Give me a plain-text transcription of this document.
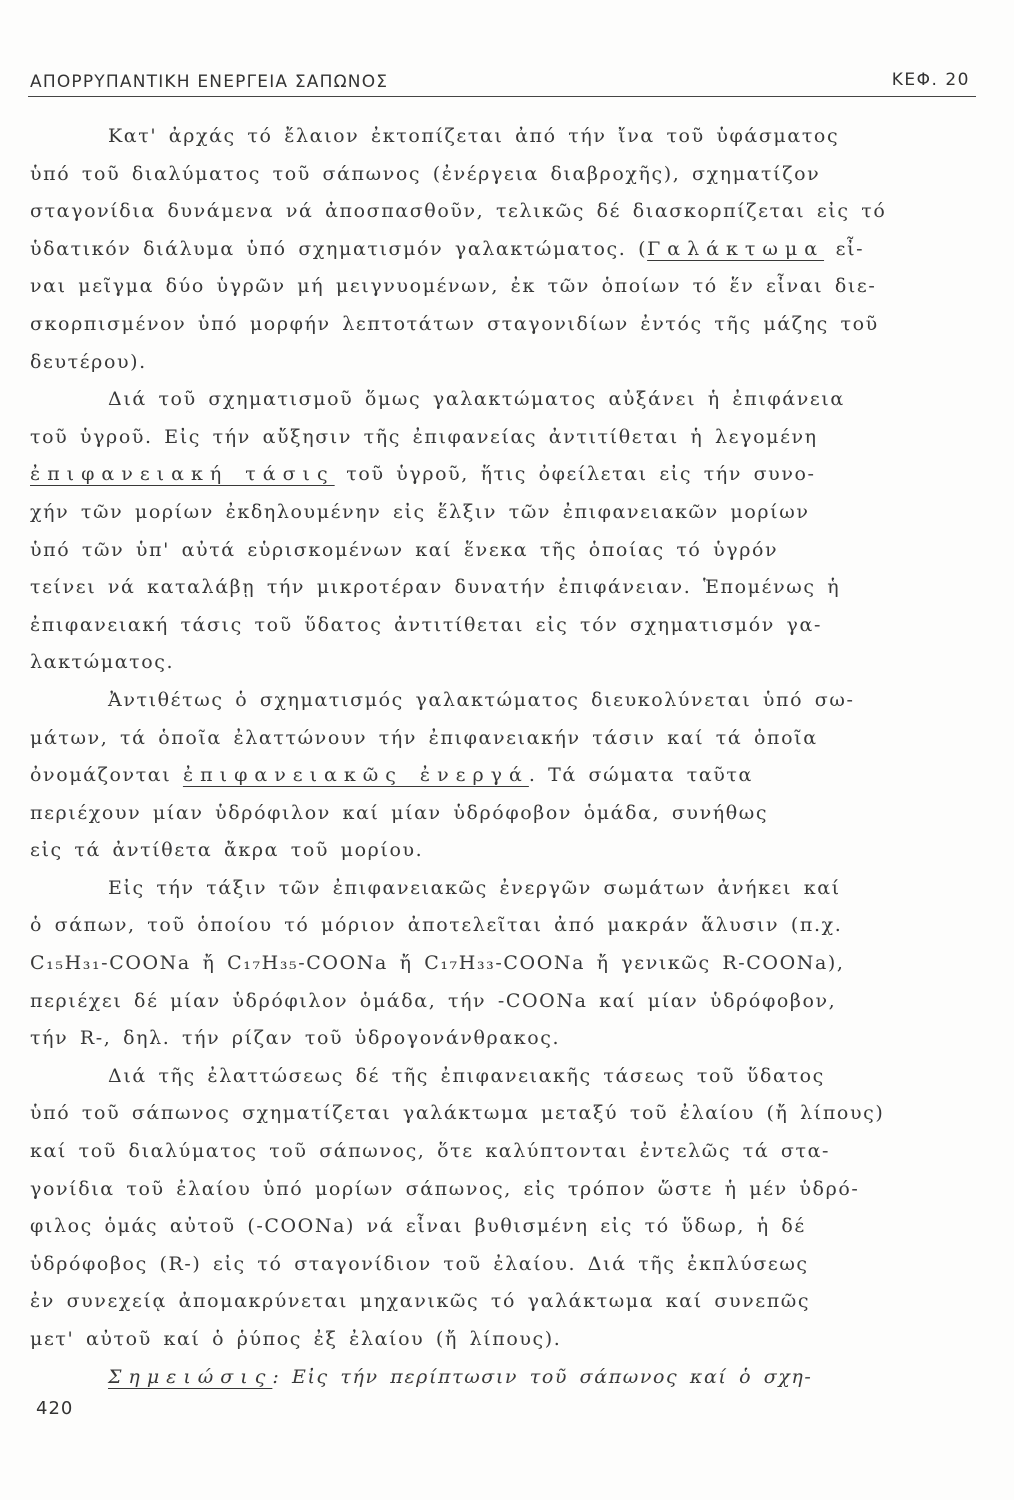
ΑΠΟΡΡΥΠΑΝΤΙΚΗ ΕΝΕΡΓΕΙΑ ΣΑΠΩΝΟΣ	ΚΕΦ. 20
Κατ' ἀρχάς τό ἔλαιον ἐκτοπίζεται ἀπό τήν ἴνα τοῦ ὑφάσματος
ὑπό τοῦ διαλύματος τοῦ σάπωνος (ἐνέργεια διαβροχῆς), σχηματίζον
σταγονίδια δυνάμενα νά ἀποσπασθοῦν, τελικῶς δέ διασκορπίζεται εἰς τό
ὑδατικόν διάλυμα ὑπό σχηματισμόν γαλακτώματος. (Γαλάκτωμα εἶ-
ναι μεῖγμα δύο ὑγρῶν μή μειγνυομένων, ἐκ τῶν ὁποίων τό ἕν εἶναι διε-
σκορπισμένον ὑπό μορφήν λεπτοτάτων σταγονιδίων ἐντός τῆς μάζης τοῦ
δευτέρου).
Διά τοῦ σχηματισμοῦ ὅμως γαλακτώματος αὐξάνει ἡ ἐπιφάνεια
τοῦ ὑγροῦ. Εἰς τήν αὔξησιν τῆς ἐπιφανείας ἀντιτίθεται ἡ λεγομένη
ἐπιφανειακή τάσις τοῦ ὑγροῦ, ἥτις ὀφείλεται εἰς τήν συνο-
χήν τῶν μορίων ἐκδηλουμένην εἰς ἕλξιν τῶν ἐπιφανειακῶν μορίων
ὑπό τῶν ὑπ' αὐτά εὑρισκομένων καί ἕνεκα τῆς ὁποίας τό ὑγρόν
τείνει νά καταλάβῃ τήν μικροτέραν δυνατήν ἐπιφάνειαν. Ἑπομένως ἡ
ἐπιφανειακή τάσις τοῦ ὕδατος ἀντιτίθεται εἰς τόν σχηματισμόν γα-
λακτώματος.
Ἀντιθέτως ὁ σχηματισμός γαλακτώματος διευκολύνεται ὑπό σω-
μάτων, τά ὁποῖα ἐλαττώνουν τήν ἐπιφανειακήν τάσιν καί τά ὁποῖα
ὀνομάζονται ἐπιφανειακῶς ἐνεργά. Τά σώματα ταῦτα
περιέχουν μίαν ὑδρόφιλον καί μίαν ὑδρόφοβον ὁμάδα, συνήθως
εἰς τά ἀντίθετα ἄκρα τοῦ μορίου.
Εἰς τήν τάξιν τῶν ἐπιφανειακῶς ἐνεργῶν σωμάτων ἀνήκει καί
ὁ σάπων, τοῦ ὁποίου τό μόριον ἀποτελεῖται ἀπό μακράν ἅλυσιν (π.χ.
C₁₅H₃₁-COONa ἤ C₁₇H₃₅-COONa ἤ C₁₇H₃₃-COONa ἤ γενικῶς R-COONa),
περιέχει δέ μίαν ὑδρόφιλον ὁμάδα, τήν -COONa καί μίαν ὑδρόφοβον,
τήν R-, δηλ. τήν ρίζαν τοῦ ὑδρογονάνθρακος.
Διά τῆς ἐλαττώσεως δέ τῆς ἐπιφανειακῆς τάσεως τοῦ ὕδατος
ὑπό τοῦ σάπωνος σχηματίζεται γαλάκτωμα μεταξύ τοῦ ἐλαίου (ἤ λίπους)
καί τοῦ διαλύματος τοῦ σάπωνος, ὅτε καλύπτονται ἐντελῶς τά στα-
γονίδια τοῦ ἐλαίου ὑπό μορίων σάπωνος, εἰς τρόπον ὥστε ἡ μέν ὑδρό-
φιλος ὁμάς αὐτοῦ (-COONa) νά εἶναι βυθισμένη εἰς τό ὕδωρ, ἡ δέ
ὑδρόφοβος (R-) εἰς τό σταγονίδιον τοῦ ἐλαίου. Διά τῆς ἐκπλύσεως
ἐν συνεχείᾳ ἀπομακρύνεται μηχανικῶς τό γαλάκτωμα καί συνεπῶς
μετ' αὐτοῦ καί ὁ ῥύπος ἐξ ἐλαίου (ἤ λίπους).
Σημειώσις: Εἰς τήν περίπτωσιν τοῦ σάπωνος καί ὁ σχη-
420
